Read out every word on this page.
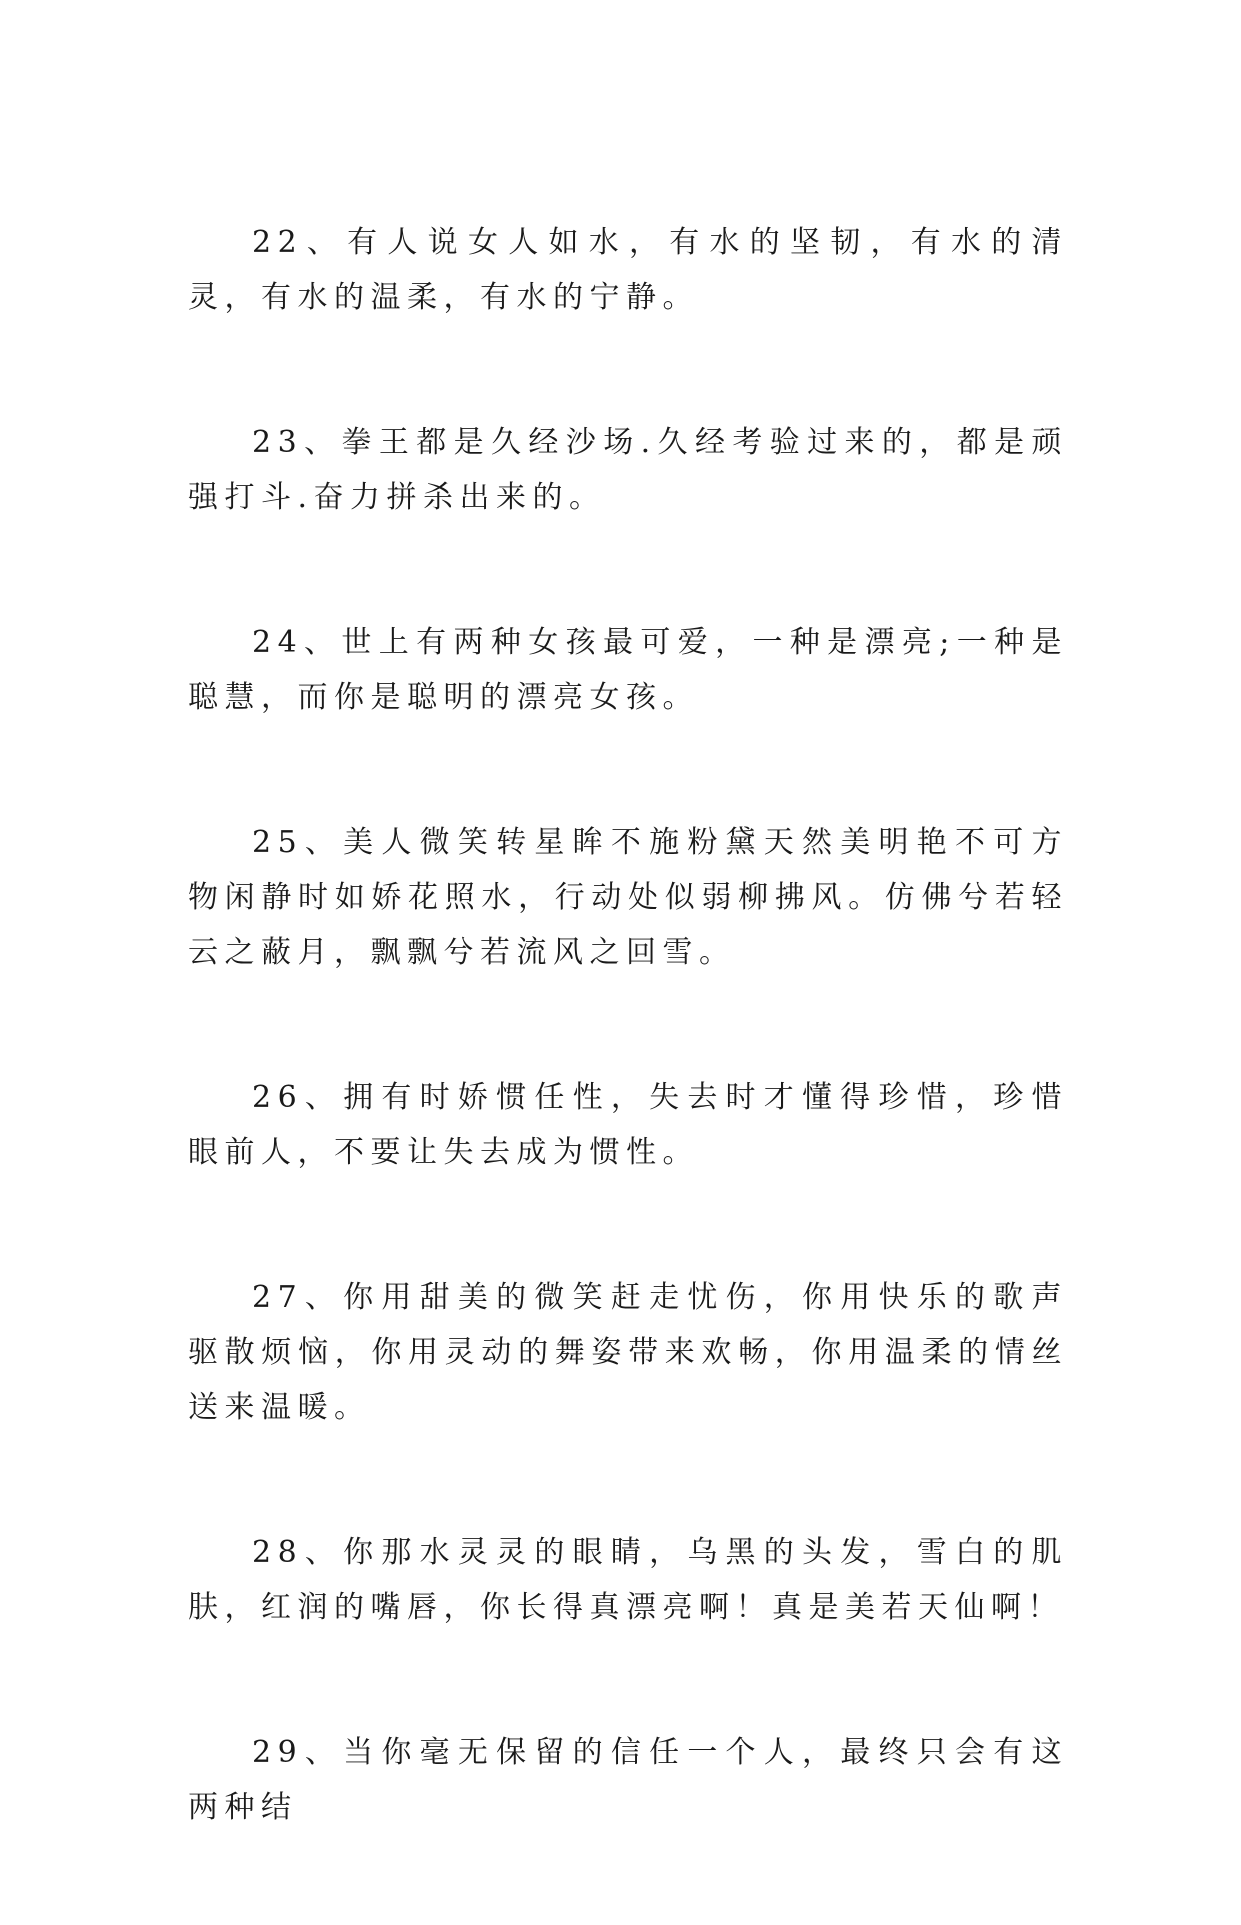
22、有人说女人如水，有水的坚韧，有水的清灵，有水的温柔，有水的宁静。

23、拳王都是久经沙场.久经考验过来的，都是顽强打斗.奋力拼杀出来的。

24、世上有两种女孩最可爱，一种是漂亮;一种是聪慧，而你是聪明的漂亮女孩。

25、美人微笑转星眸不施粉黛天然美明艳不可方物闲静时如娇花照水，行动处似弱柳拂风。仿佛兮若轻云之蔽月，飘飘兮若流风之回雪。

26、拥有时娇惯任性，失去时才懂得珍惜，珍惜眼前人，不要让失去成为惯性。

27、你用甜美的微笑赶走忧伤，你用快乐的歌声驱散烦恼，你用灵动的舞姿带来欢畅，你用温柔的情丝送来温暖。

28、你那水灵灵的眼睛，乌黑的头发，雪白的肌肤，红润的嘴唇，你长得真漂亮啊！真是美若天仙啊！

29、当你毫无保留的信任一个人，最终只会有这两种结
